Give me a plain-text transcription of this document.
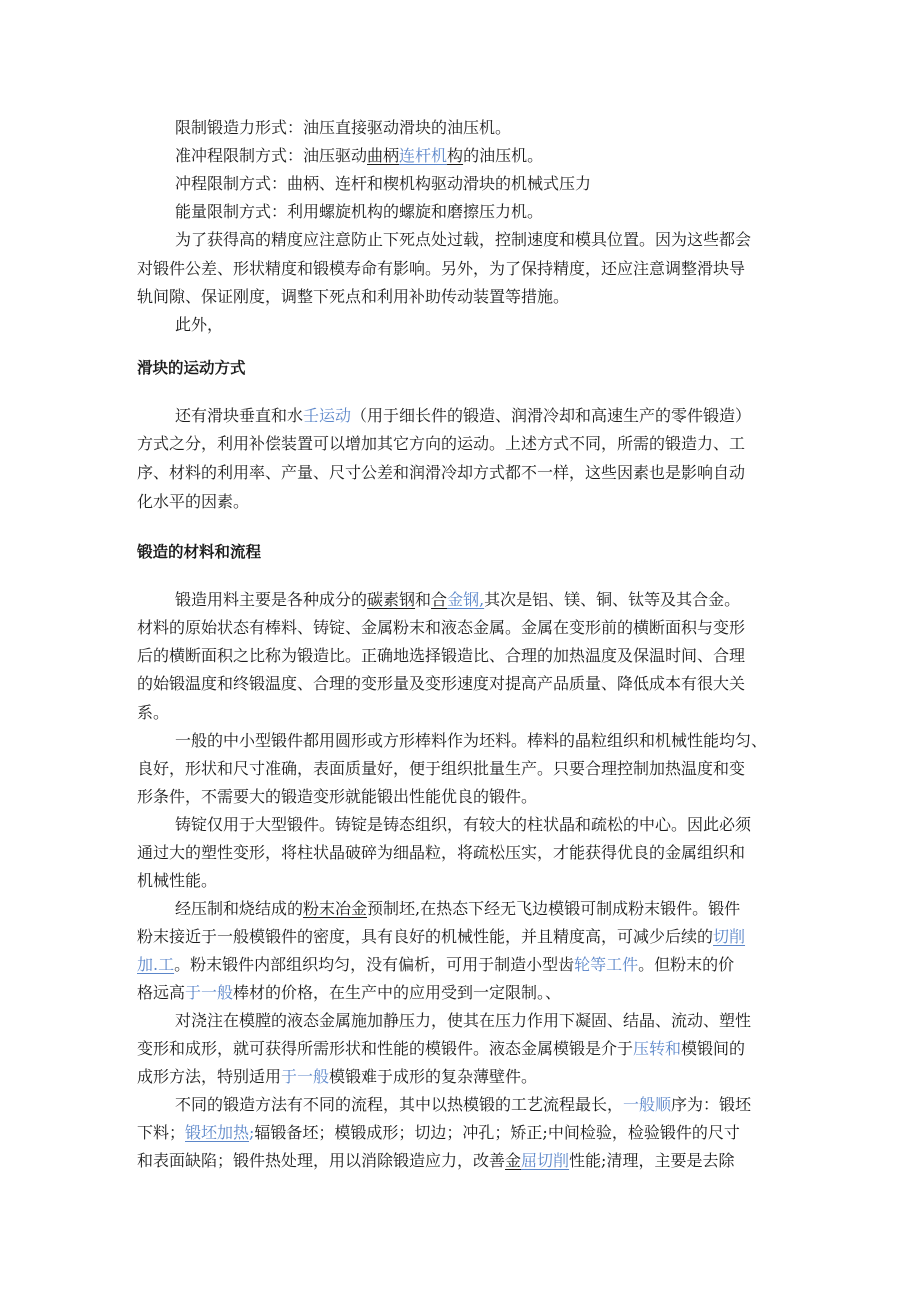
限制锻造力形式：油压直接驱动滑块的油压机。
准冲程限制方式：油压驱动曲柄连杆机构的油压机。
冲程限制方式：曲柄、连杆和楔机构驱动滑块的机械式压力
能量限制方式：利用螺旋机构的螺旋和磨擦压力机。
为了获得高的精度应注意防止下死点处过载，控制速度和模具位置。因为这些都会
对锻件公差、形状精度和锻模寿命有影响。另外，为了保持精度，还应注意调整滑块导
轨间隙、保证刚度，调整下死点和利用补助传动装置等措施。
此外，
滑块的运动方式
还有滑块垂直和水壬运动（用于细长件的锻造、润滑冷却和高速生产的零件锻造）
方式之分，利用补偿装置可以增加其它方向的运动。上述方式不同，所需的锻造力、工
序、材料的利用率、产量、尺寸公差和润滑冷却方式都不一样，这些因素也是影响自动
化水平的因素。
锻造的材料和流程
锻造用料主要是各种成分的碳素钢和合金钢,其次是铝、镁、铜、钛等及其合金。
材料的原始状态有棒料、铸锭、金属粉末和液态金属。金属在变形前的横断面积与变形
后的横断面积之比称为锻造比。正确地选择锻造比、合理的加热温度及保温时间、合理
的始锻温度和终锻温度、合理的变形量及变形速度对提高产品质量、降低成本有很大关
系。
一般的中小型锻件都用圆形或方形棒料作为坯料。棒料的晶粒组织和机械性能均匀、
良好，形状和尺寸准确，表面质量好，便于组织批量生产。只要合理控制加热温度和变
形条件，不需要大的锻造变形就能锻出性能优良的锻件。
铸锭仅用于大型锻件。铸锭是铸态组织，有较大的柱状晶和疏松的中心。因此必须
通过大的塑性变形，将柱状晶破碎为细晶粒，将疏松压实，才能获得优良的金属组织和
机械性能。
经压制和烧结成的粉末冶金预制坯,在热态下经无飞边模锻可制成粉末锻件。锻件
粉末接近于一般模锻件的密度，具有良好的机械性能，并且精度高，可减少后续的切削
加.工。粉末锻件内部组织均匀，没有偏析，可用于制造小型齿轮等工件。但粉末的价
格远高于一般棒材的价格，在生产中的应用受到一定限制。、
对浇注在模膛的液态金属施加静压力，使其在压力作用下凝固、结晶、流动、塑性
变形和成形，就可获得所需形状和性能的模锻件。液态金属模锻是介于压转和模锻间的
成形方法，特别适用于一般模锻难于成形的复杂薄壁件。
不同的锻造方法有不同的流程，其中以热模锻的工艺流程最长，一般顺序为：锻坯
下料；锻坯加热;辐锻备坯；模锻成形；切边；冲孔；矫正;中间检验，检验锻件的尺寸
和表面缺陷；锻件热处理，用以消除锻造应力，改善金屈切削性能;清理，主要是去除
